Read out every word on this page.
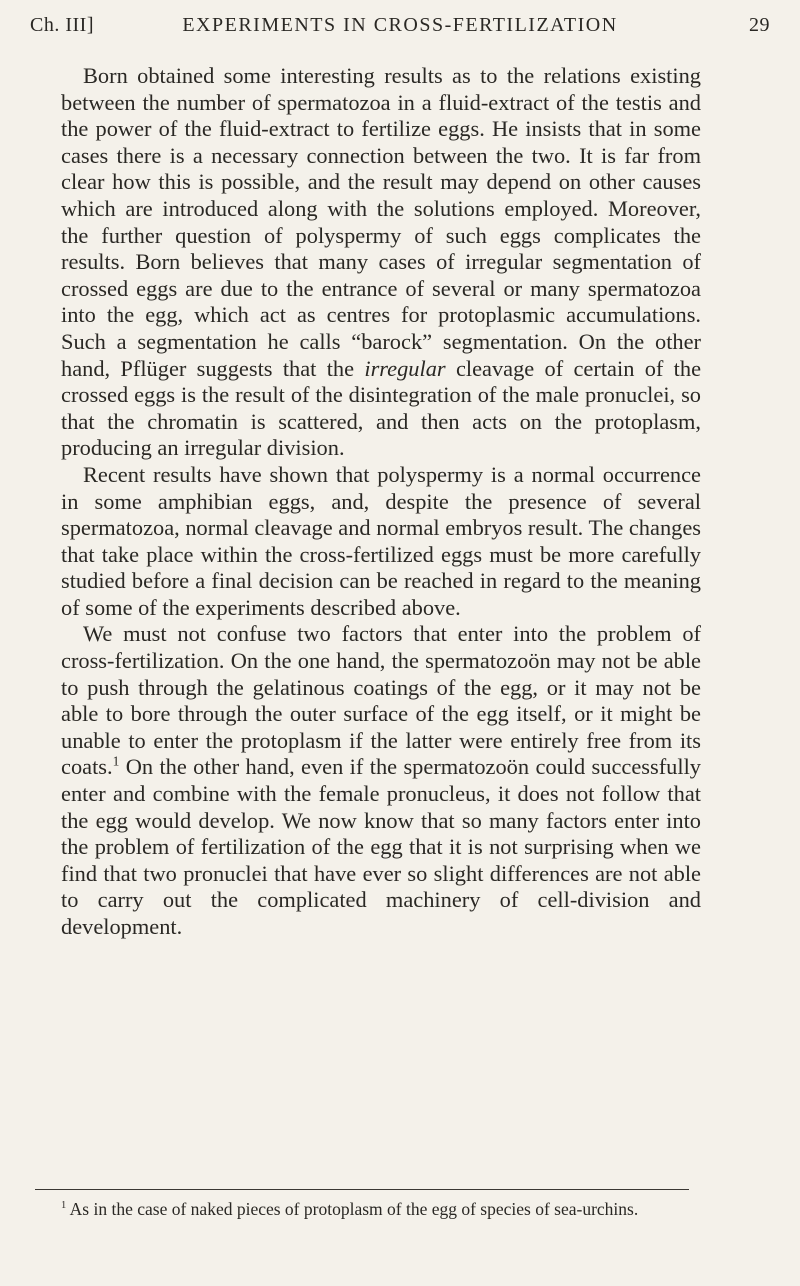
Ch. III]	EXPERIMENTS IN CROSS-FERTILIZATION	29

Born obtained some interesting results as to the relations existing between the number of spermatozoa in a fluid-extract of the testis and the power of the fluid-extract to fertilize eggs. He insists that in some cases there is a necessary connection between the two. It is far from clear how this is possible, and the result may depend on other causes which are introduced along with the solutions employed. Moreover, the further question of polyspermy of such eggs complicates the results. Born believes that many cases of irregular segmentation of crossed eggs are due to the entrance of several or many spermatozoa into the egg, which act as centres for protoplasmic accumulations. Such a segmentation he calls “barock” segmentation. On the other hand, Pflüger suggests that the irregular cleavage of certain of the crossed eggs is the result of the disintegration of the male pronuclei, so that the chromatin is scattered, and then acts on the protoplasm, producing an irregular division.

Recent results have shown that polyspermy is a normal occurrence in some amphibian eggs, and, despite the presence of several spermatozoa, normal cleavage and normal embryos result. The changes that take place within the cross-fertilized eggs must be more carefully studied before a final decision can be reached in regard to the meaning of some of the experiments described above.

We must not confuse two factors that enter into the problem of cross-fertilization. On the one hand, the spermatozoön may not be able to push through the gelatinous coatings of the egg, or it may not be able to bore through the outer surface of the egg itself, or it might be unable to enter the protoplasm if the latter were entirely free from its coats.$^1$ On the other hand, even if the spermatozoön could successfully enter and combine with the female pronucleus, it does not follow that the egg would develop. We now know that so many factors enter into the problem of fertilization of the egg that it is not surprising when we find that two pronuclei that have ever so slight differences are not able to carry out the complicated machinery of cell-division and development.

$^1$ As in the case of naked pieces of protoplasm of the egg of species of sea-urchins.
